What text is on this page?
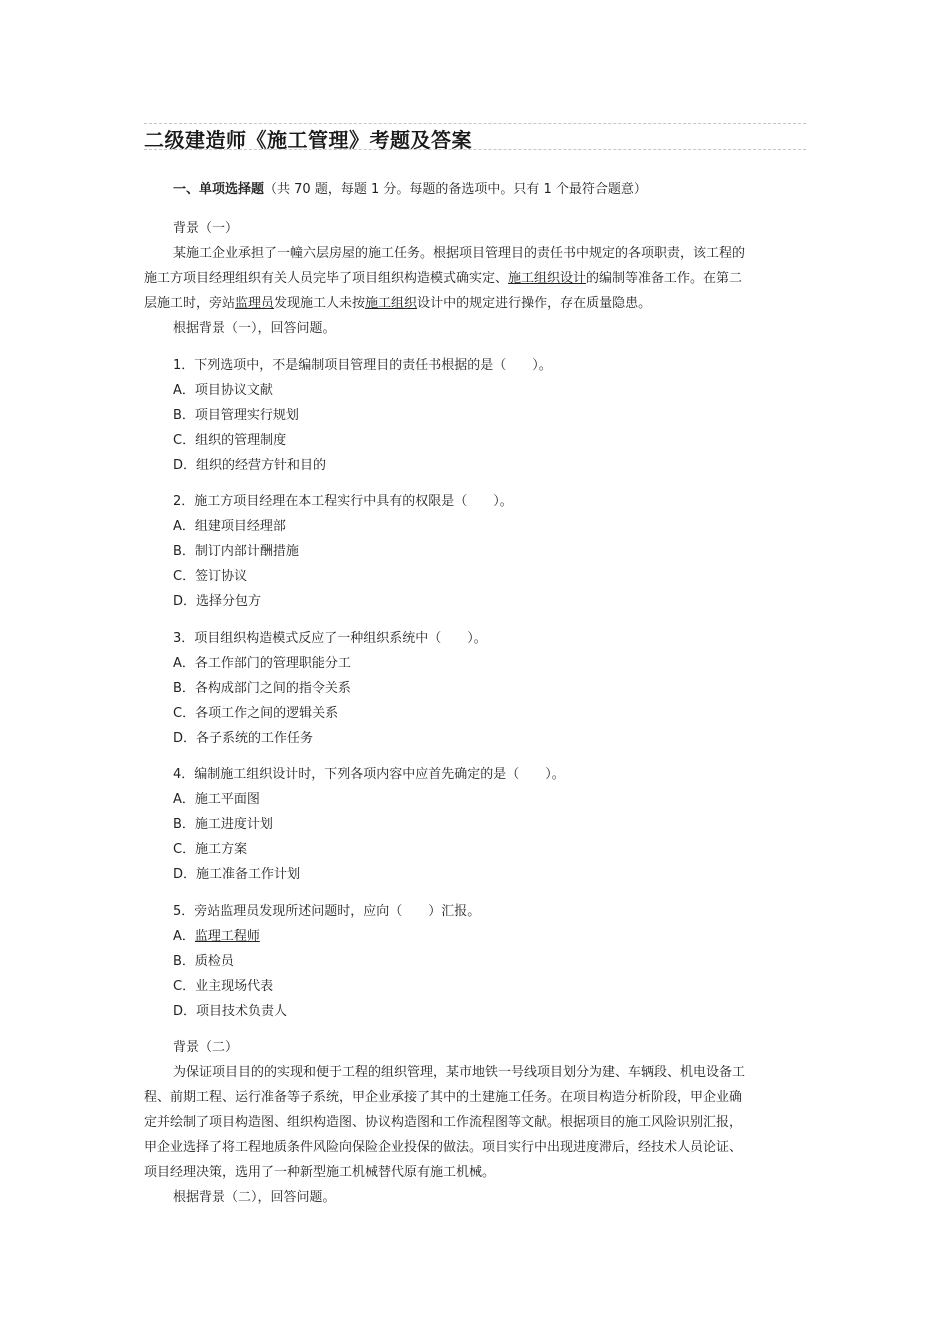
二级建造师《施工管理》考题及答案
一、单项选择题（共 70 题，每题 1 分。每题的备选项中。只有 1 个最符合题意）
背景（一）
某施工企业承担了一幢六层房屋的施工任务。根据项目管理目的责任书中规定的各项职责，该工程的
施工方项目经理组织有关人员完毕了项目组织构造模式确实定、施工组织设计的编制等准备工作。在第二
层施工时，旁站监理员发现施工人未按施工组织设计中的规定进行操作，存在质量隐患。
根据背景（一），回答问题。
1．下列选项中，不是编制项目管理目的责任书根据的是（　　）。
A．项目协议文献
B．项目管理实行规划
C．组织的管理制度
D．组织的经营方针和目的
2．施工方项目经理在本工程实行中具有的权限是（　　）。
A．组建项目经理部
B．制订内部计酬措施
C．签订协议
D．选择分包方
3．项目组织构造模式反应了一种组织系统中（　　）。
A．各工作部门的管理职能分工
B．各构成部门之间的指令关系
C．各项工作之间的逻辑关系
D．各子系统的工作任务
4．编制施工组织设计时，下列各项内容中应首先确定的是（　　）。
A．施工平面图
B．施工进度计划
C．施工方案
D．施工准备工作计划
5．旁站监理员发现所述问题时，应向（　　）汇报。
A．监理工程师
B．质检员
C．业主现场代表
D．项目技术负责人
背景（二）
为保证项目目的的实现和便于工程的组织管理，某市地铁一号线项目划分为建、车辆段、机电设备工
程、前期工程、运行准备等子系统，甲企业承接了其中的土建施工任务。在项目构造分析阶段，甲企业确
定并绘制了项目构造图、组织构造图、协议构造图和工作流程图等文献。根据项目的施工风险识别汇报，
甲企业选择了将工程地质条件风险向保险企业投保的做法。项目实行中出现进度滞后，经技术人员论证、
项目经理决策，选用了一种新型施工机械替代原有施工机械。
根据背景（二），回答问题。
